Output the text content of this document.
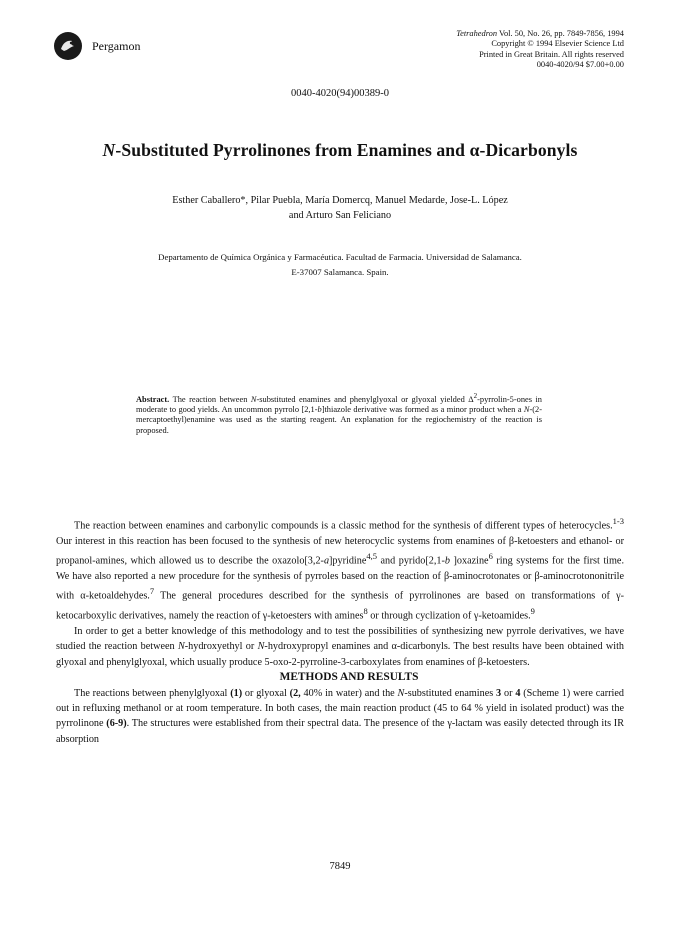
Pergamon
Tetrahedron Vol. 50, No. 26, pp. 7849-7856, 1994
Copyright © 1994 Elsevier Science Ltd
Printed in Great Britain. All rights reserved
0040-4020/94 $7.00+0.00
0040-4020(94)00389-0
N-Substituted Pyrrolinones from Enamines and α-Dicarbonyls
Esther Caballero*, Pilar Puebla, María Domercq, Manuel Medarde, Jose-L. López
and Arturo San Feliciano
Departamento de Química Orgánica y Farmacéutica. Facultad de Farmacia. Universidad de Salamanca.
E-37007 Salamanca. Spain.
Abstract. The reaction between N-substituted enamines and phenylglyoxal or glyoxal yielded $\Delta^2-pyrrolin-5$-ones in moderate to good yields. An uncommon pyrrolo [2,1-b]thiazole derivative was formed as a minor product when a N-(2-mercaptoethyl)enamine was used as the starting reagent. An explanation for the regiochemistry of the reaction is proposed.

The reaction between enamines and carbonylic compounds is a classic method for the synthesis of different types of heterocycles.$^{1-3}$ Our interest in this reaction has been focused to the synthesis of new heterocyclic systems from enamines of β-ketoesters and ethanol- or propanol-amines, which allowed us to describe the oxazolo[3,2-a]pyridine$^{4,5}$ and pyrido[2,1-b ]oxazine$^6$ ring systems for the first time. We have also reported a new procedure for the synthesis of pyrroles based on the reaction of β-aminocrotonates or β-aminocrotononitrile with α-ketoaldehydes.$^7$ The general procedures described for the synthesis of pyrrolinones are based on transformations of γ-ketocarboxylic derivatives, namely the reaction of γ-ketoesters with amines$^8$ or through cyclization of γ-ketoamides.$^9$

In order to get a better knowledge of this methodology and to test the possibilities of synthesizing new pyrrole derivatives, we have studied the reaction between N-hydroxyethyl or N-hydroxypropyl enamines and α-dicarbonyls. The best results have been obtained with glyoxal and phenylglyoxal, which usually produce 5-oxo-2-pyrroline-3-carboxylates from enamines of β-ketoesters.

METHODS AND RESULTS

The reactions between phenylglyoxal (1) or glyoxal (2, 40% in water) and the N-substituted enamines 3 or 4 (Scheme 1) were carried out in refluxing methanol or at room temperature. In both cases, the main reaction product (45 to 64 % yield in isolated product) was the pyrrolinone (6-9). The structures were established from their spectral data. The presence of the γ-lactam was easily detected through its IR absorption

7849
